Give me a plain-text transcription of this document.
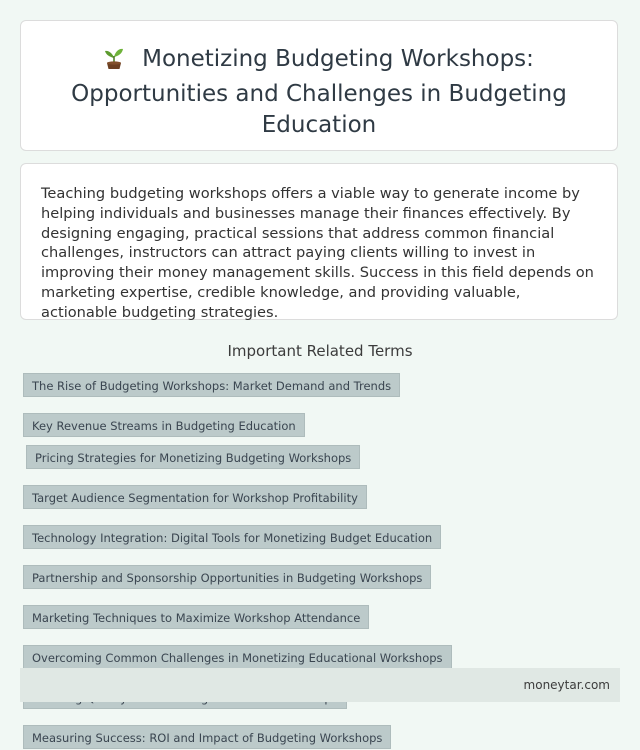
Monetizing Budgeting Workshops:
Opportunities and Challenges in Budgeting
Education

Teaching budgeting workshops offers a viable way to generate income by helping individuals and businesses manage their finances effectively. By designing engaging, practical sessions that address common financial challenges, instructors can attract paying clients willing to invest in improving their money management skills. Success in this field depends on marketing expertise, credible knowledge, and providing valuable, actionable budgeting strategies.

Important Related Terms
The Rise of Budgeting Workshops: Market Demand and Trends
Key Revenue Streams in Budgeting Education
Pricing Strategies for Monetizing Budgeting Workshops
Target Audience Segmentation for Workshop Profitability
Technology Integration: Digital Tools for Monetizing Budget Education
Partnership and Sponsorship Opportunities in Budgeting Workshops
Marketing Techniques to Maximize Workshop Attendance
Overcoming Common Challenges in Monetizing Educational Workshops
Measuring Success: ROI and Impact of Budgeting Workshops
moneytar.com
